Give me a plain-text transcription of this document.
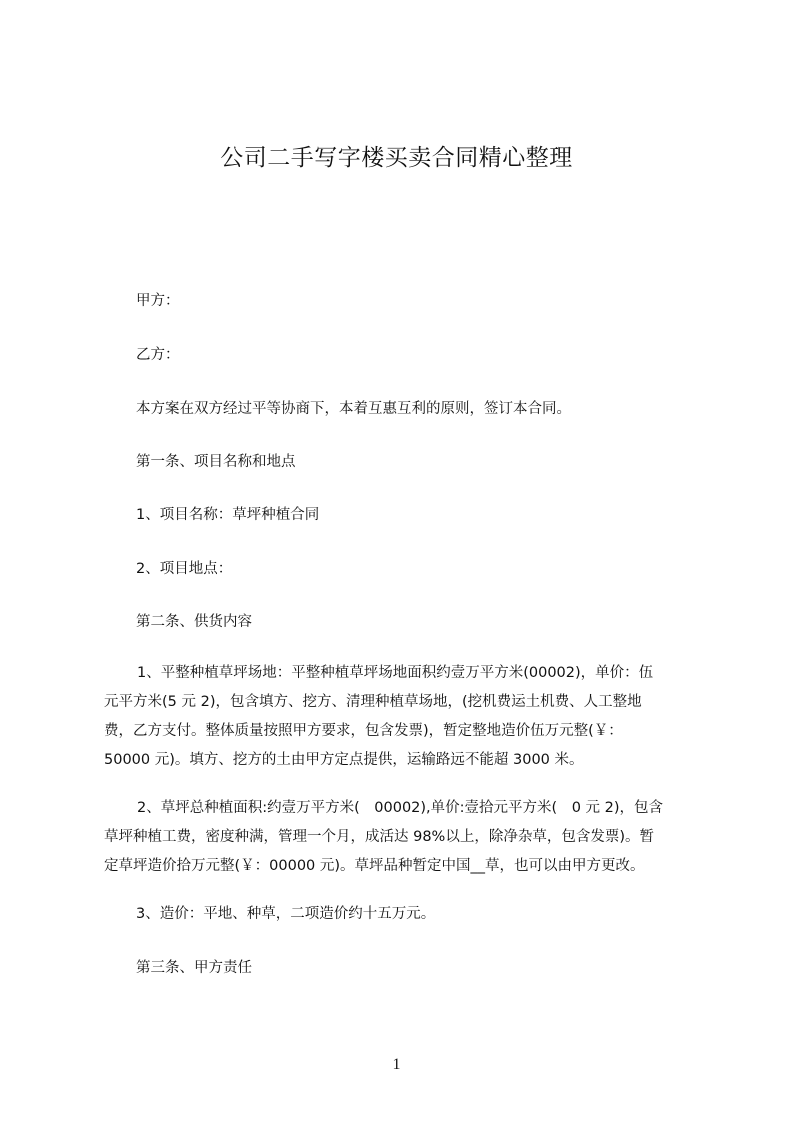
公司二手写字楼买卖合同精心整理
甲方：
乙方：
本方案在双方经过平等协商下，本着互惠互利的原则，签订本合同。
第一条、项目名称和地点
1、项目名称：草坪种植合同
2、项目地点：
第二条、供货内容
1、平整种植草坪场地：平整种植草坪场地面积约壹万平方米(00002)，单价：伍
元平方米(5 元 2)，包含填方、挖方、清理种植草场地，(挖机费运土机费、人工整地
费，乙方支付。整体质量按照甲方要求，包含发票)，暂定整地造价伍万元整(￥：
50000 元)。填方、挖方的土由甲方定点提供，运输路远不能超 3000 米。
2、草坪总种植面积:约壹万平方米(　00002),单价:壹拾元平方米(　0 元 2)，包含
草坪种植工费，密度种满，管理一个月，成活达 98%以上，除净杂草，包含发票)。暂
定草坪造价拾万元整(￥：00000 元)。草坪品种暂定中国__草，也可以由甲方更改。
3、造价：平地、种草，二项造价约十五万元。
第三条、甲方责任
1
